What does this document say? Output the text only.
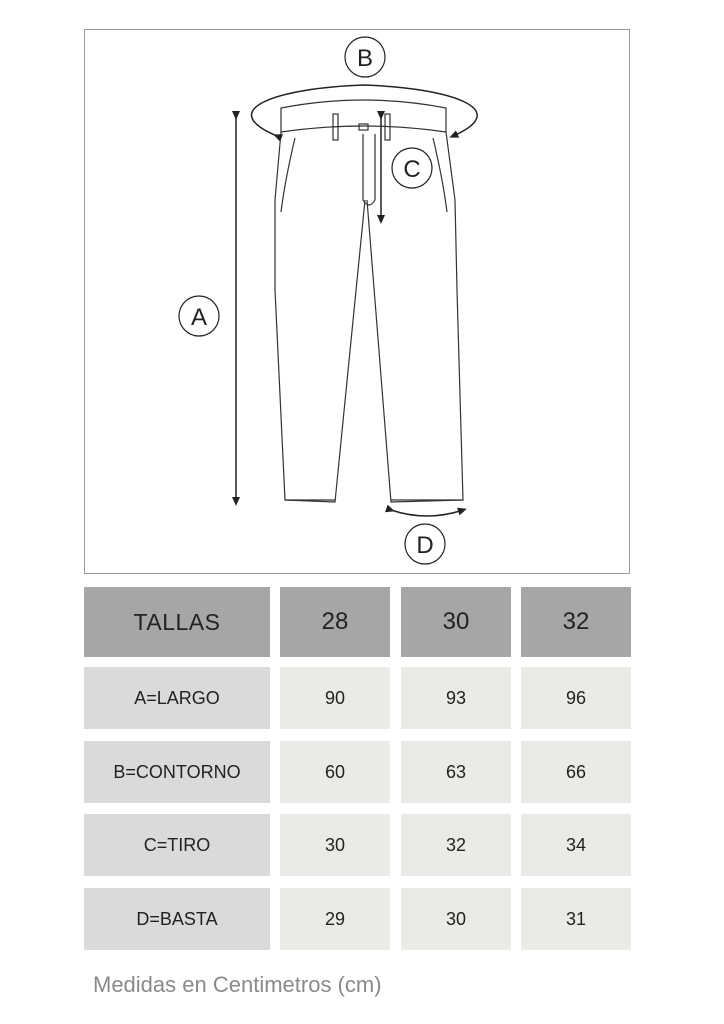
A
B
C
D
TALLAS	28	30	32
A=LARGO	90	93	96
B=CONTORNO	60	63	66
C=TIRO	30	32	34
D=BASTA	29	30	31
Medidas en Centimetros (cm)
